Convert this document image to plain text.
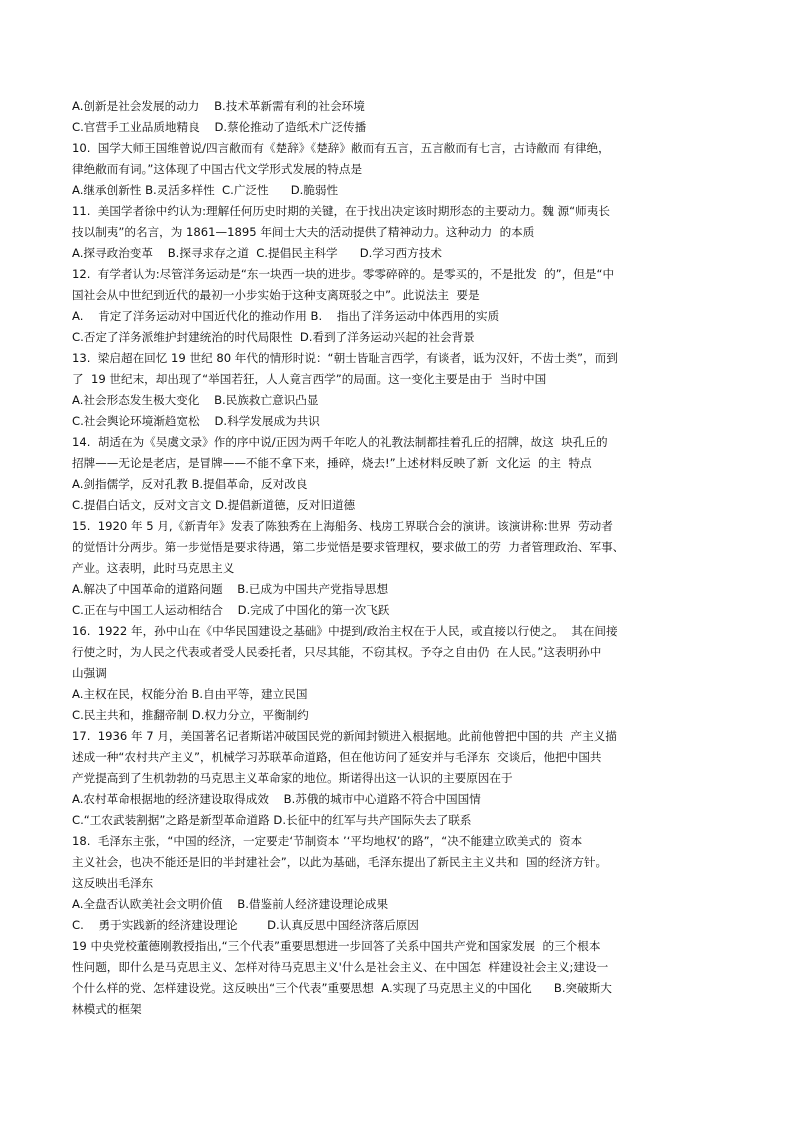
A.创新是社会发展的动力    B.技术革新需有利的社会环境
C.官营手工业品质地精良    D.蔡伦推动了造纸术广泛传播
10.  国学大师王国维曾说/四言敝而有《楚辞》《楚辞》敝而有五言，五言敝而有七言，古诗敝而 有律绝，
律绝敝而有词。”这体现了中国古代文学形式发展的特点是
A.继承创新性 B.灵活多样性  C.广泛性      D.脆弱性
11.  美国学者徐中约认为:理解任何历史时期的关键，在于找出决定该时期形态的主要动力。魏 源“师夷长
技以制夷”的名言，为 1861—1895 年间士大夫的活动提供了精神动力。这种动力  的本质
A.探寻政治变革    B.探寻求存之道  C.提倡民主科学      D.学习西方技术
12.  有学者认为:尽管洋务运动是“东一块西一块的进步。零零碎碎的。是零买的，不是批发  的”，但是“中
国社会从中世纪到近代的最初一小步实始于这种支离斑驳之中”。此说法主  要是
A.    肯定了洋务运动对中国近代化的推动作用 B.    指出了洋务运动中体西用的实质
C.否定了洋务派维护封建统治的时代局限性  D.看到了洋务运动兴起的社会背景
13.  梁启超在回忆 19 世纪 80 年代的情形时说：“朝士皆耻言西学，有谈者，诋为汉奸，不齿士类”，而到
了  19 世纪末，却出现了“举国若狂，人人竟言西学”的局面。这一变化主要是由于  当时中国
A.社会形态发生极大变化    B.民族救亡意识凸显
C.社会舆论环境渐趋宽松    D.科学发展成为共识
14.  胡适在为《吴虞文录》作的序中说/正因为两千年吃人的礼教法制都挂着孔丘的招牌，故这  块孔丘的
招牌——无论是老店，是冒牌——不能不拿下来，捶碎，烧去!”上述材料反映了新  文化运  的主  特点
A.剑指儒学，反对孔教 B.提倡革命，反对改良
C.提倡白话文，反对文言文 D.提倡新道德，反对旧道德
15.  1920 年 5 月,《新青年》发表了陈独秀在上海船务、栈房工界联合会的演讲。该演讲称:世界  劳动者
的觉悟计分两步。第一步觉悟是要求待遇，第二步觉悟是要求管理权，要求做工的劳  力者管理政治、军事、
产业。这表明，此时马克思主义
A.解决了中国革命的道路问题    B.已成为中国共产党指导思想
C.正在与中国工人运动相结合    D.完成了中国化的第一次飞跃
16.  1922 年，孙中山在《中华民国建设之基础》中提到/政治主权在于人民，或直接以行使之。  其在间接
行使之时，为人民之代表或者受人民委托者，只尽其能，不窃其权。予夺之自由仍  在人民。”这表明孙中
山强调
A.主权在民，权能分治 B.自由平等，建立民国
C.民主共和，推翻帝制 D.权力分立，平衡制约
17.  1936 年 7 月，美国著名记者斯诺冲破国民党的新闻封锁进入根据地。此前他曾把中国的共  产主义描
述成一种“农村共产主义”，机械学习苏联革命道路，但在他访问了延安并与毛泽东  交谈后，他把中国共
产党提高到了生机勃勃的马克思主义革命家的地位。斯诺得出这一认识的主要原因在于
A.农村革命根据地的经济建设取得成效    B.苏俄的城市中心道路不符合中国国情
C.“工农武装割据”之路是新型革命道路 D.长征中的红军与共产国际失去了联系
18.  毛泽东主张，“中国的经济，一定要走‘节制资本 ’‘平均地权’的路”，“决不能建立欧美式的  资本
主义社会，也决不能还是旧的半封建社会”，以此为基础，毛泽东提出了新民主主义共和  国的经济方针。
这反映出毛泽东
A.全盘否认欧美社会文明价值    B.借鉴前人经济建设理论成果
C.    勇于实践新的经济建设理论        D.认真反思中国经济落后原因
19 中央党校董德刚教授指出,“三个代表”重要思想进一步回答了关系中国共产党和国家发展  的三个根本
性问题，即什么是马克思主义、怎样对待马克思主义'什么是社会主义、在中国怎  样建设社会主义;建设一
个什么样的党、怎样建设党。这反映出“三个代表”重要思想  A.实现了马克思主义的中国化      B.突破斯大
林模式的框架
